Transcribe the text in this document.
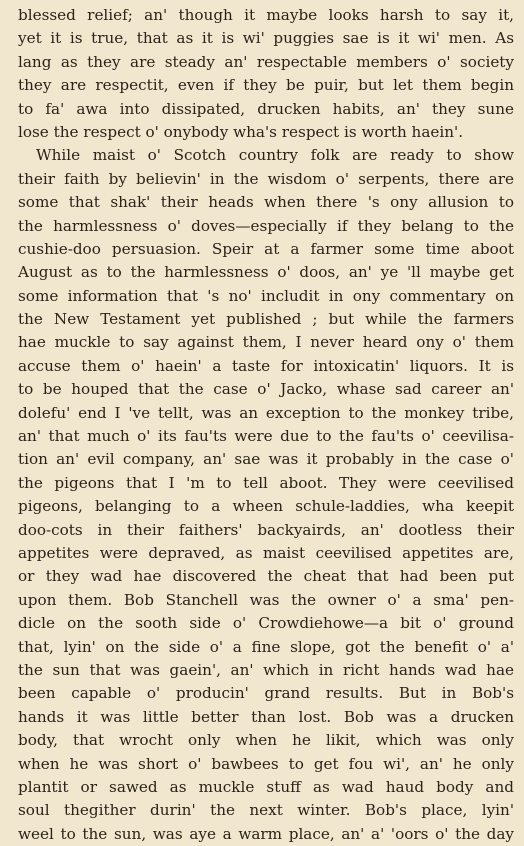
blessed relief; an' though it maybe looks harsh to say it,
yet it is true, that as it is wi' puggies sae is it wi' men. As
lang as they are steady an' respectable members o' society
they are respectit, even if they be puir, but let them begin
to fa' awa into dissipated, drucken habits, an' they sune
lose the respect o' onybody wha's respect is worth haein'.
While maist o' Scotch country folk are ready to show
their faith by believin' in the wisdom o' serpents, there are
some that shak' their heads when there 's ony allusion to
the harmlessness o' doves—especially if they belang to the
cushie-doo persuasion. Speir at a farmer some time aboot
August as to the harmlessness o' doos, an' ye 'll maybe get
some information that 's no' includit in ony commentary on
the New Testament yet published ; but while the farmers
hae muckle to say against them, I never heard ony o' them
accuse them o' haein' a taste for intoxicatin' liquors. It is
to be houped that the case o' Jacko, whase sad career an'
dolefu' end I 've tellt, was an exception to the monkey tribe,
an' that much o' its fau'ts were due to the fau'ts o' ceevilisa-
tion an' evil company, an' sae was it probably in the case o'
the pigeons that I 'm to tell aboot. They were ceevilised
pigeons, belanging to a wheen schule-laddies, wha keepit
doo-cots in their faithers' backyairds, an' dootless their
appetites were depraved, as maist ceevilised appetites are,
or they wad hae discovered the cheat that had been put
upon them. Bob Stanchell was the owner o' a sma' pen-
dicle on the sooth side o' Crowdiehowe—a bit o' ground
that, lyin' on the side o' a fine slope, got the benefit o' a'
the sun that was gaein', an' which in richt hands wad hae
been capable o' producin' grand results. But in Bob's
hands it was little better than lost. Bob was a drucken
body, that wrocht only when he likit, which was only
when he was short o' bawbees to get fou wi', an' he only
plantit or sawed as muckle stuff as wad haud body and
soul thegither durin' the next winter. Bob's place, lyin'
weel to the sun, was aye a warm place, an' a' 'oors o' the day
